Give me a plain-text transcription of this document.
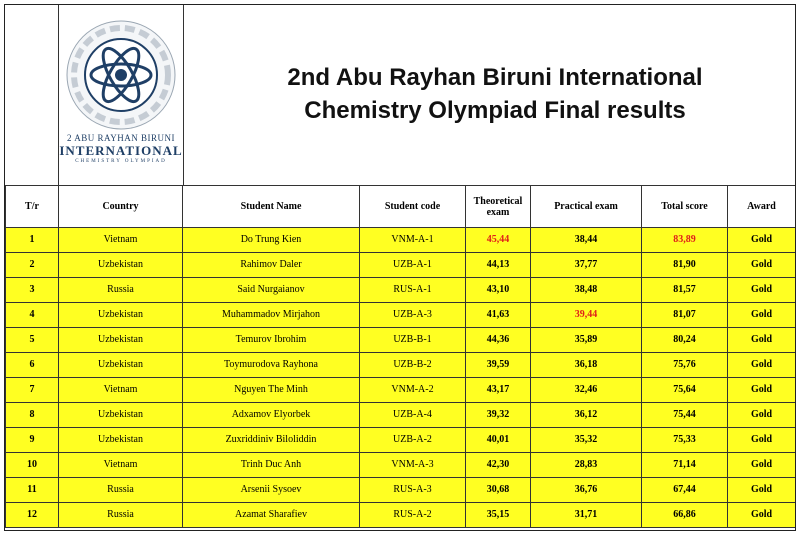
2 ABU RAYHAN BIRUNI
INTERNATIONAL
CHEMISTRY OLYMPIAD
2nd Abu Rayhan Biruni International
Chemistry Olympiad Final results
T/r	Country	Student Name	Student code	Theoretical exam	Practical exam	Total score	Award
1	Vietnam	Do Trung Kien	VNM-A-1	45,44	38,44	83,89	Gold
2	Uzbekistan	Rahimov Daler	UZB-A-1	44,13	37,77	81,90	Gold
3	Russia	Said Nurgaianov	RUS-A-1	43,10	38,48	81,57	Gold
4	Uzbekistan	Muhammadov Mirjahon	UZB-A-3	41,63	39,44	81,07	Gold
5	Uzbekistan	Temurov Ibrohim	UZB-B-1	44,36	35,89	80,24	Gold
6	Uzbekistan	Toymurodova Rayhona	UZB-B-2	39,59	36,18	75,76	Gold
7	Vietnam	Nguyen The Minh	VNM-A-2	43,17	32,46	75,64	Gold
8	Uzbekistan	Adxamov Elyorbek	UZB-A-4	39,32	36,12	75,44	Gold
9	Uzbekistan	Zuxriddiniv Biloliddin	UZB-A-2	40,01	35,32	75,33	Gold
10	Vietnam	Trinh Duc Anh	VNM-A-3	42,30	28,83	71,14	Gold
11	Russia	Arsenii Sysoev	RUS-A-3	30,68	36,76	67,44	Gold
12	Russia	Azamat Sharafiev	RUS-A-2	35,15	31,71	66,86	Gold
